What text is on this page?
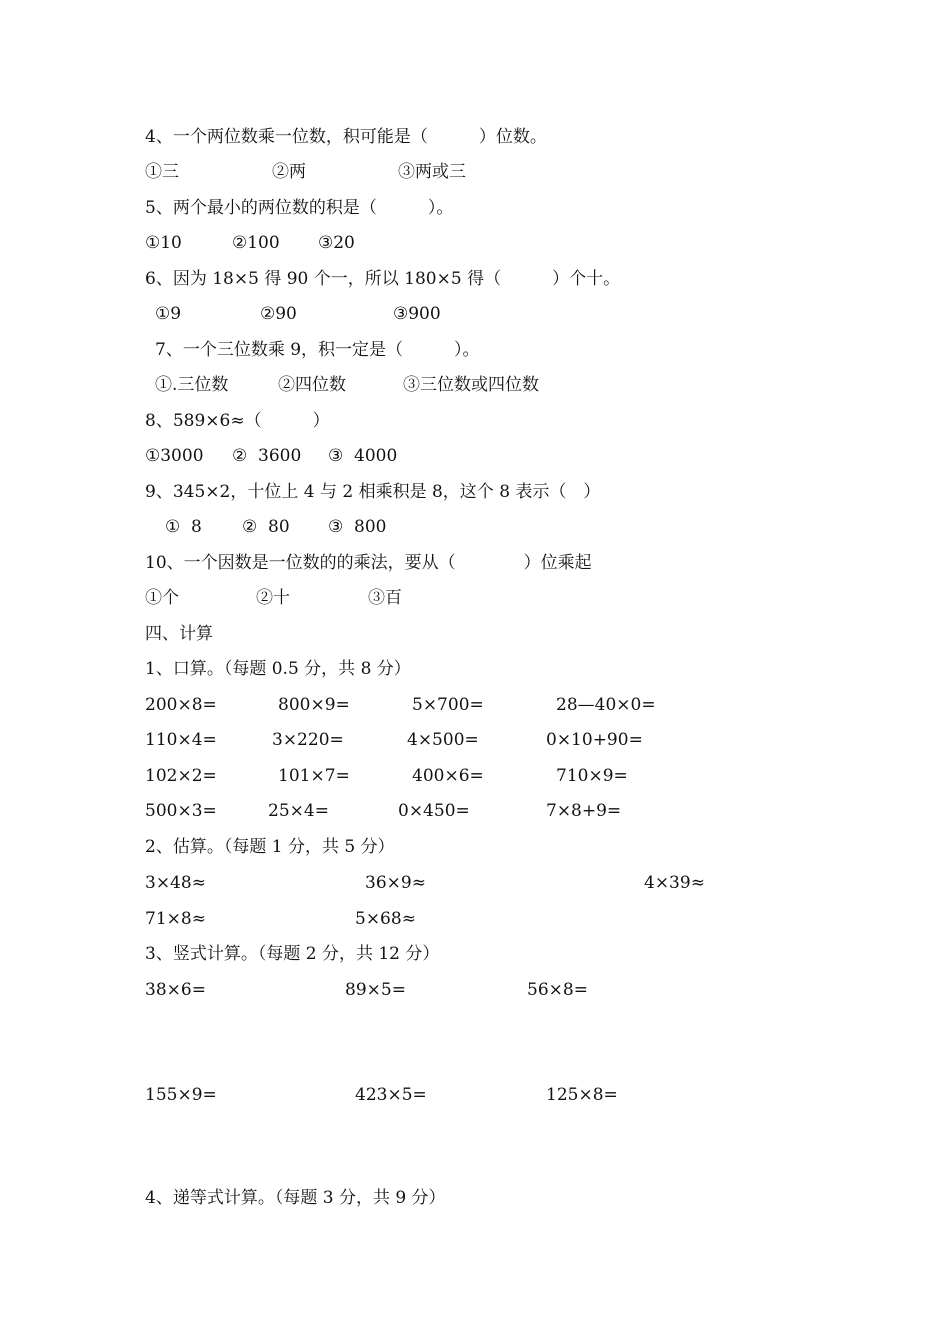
4、一个两位数乘一位数，积可能是（　　　）位数。
①三	②两	③两或三
5、两个最小的两位数的积是（　　　）。
①10	②100 ③20
6、因为 18×5 得 90 个一，所以 180×5 得（　　　）个十。
①9	②90	③900
7、一个三位数乘 9，积一定是（　　　）。
①.三位数	②四位数	③三位数或四位数
8、589×6≈（　　　）
①3000 ②  3600 ③  4000
9、345×2，十位上 4 与 2 相乘积是 8，这个 8 表示（　）
①  8 ②  80 ③  800
10、一个因数是一位数的的乘法，要从（　　　　）位乘起
①个	②十	③百
四、计算
1、口算。（每题 0.5 分，共 8 分）
200×8=	800×9=	5×700=	28—40×0=
110×4=	3×220=	4×500=	0×10+90=
102×2=	101×7=	400×6=	710×9=
500×3=	25×4=	0×450=	7×8+9=
2、估算。（每题 1 分，共 5 分）
3×48≈	36×9≈	4×39≈
71×8≈	5×68≈
3、竖式计算。（每题 2 分，共 12 分）
38×6=	89×5=	56×8=
155×9=	423×5=	125×8=
4、递等式计算。（每题 3 分，共 9 分）
